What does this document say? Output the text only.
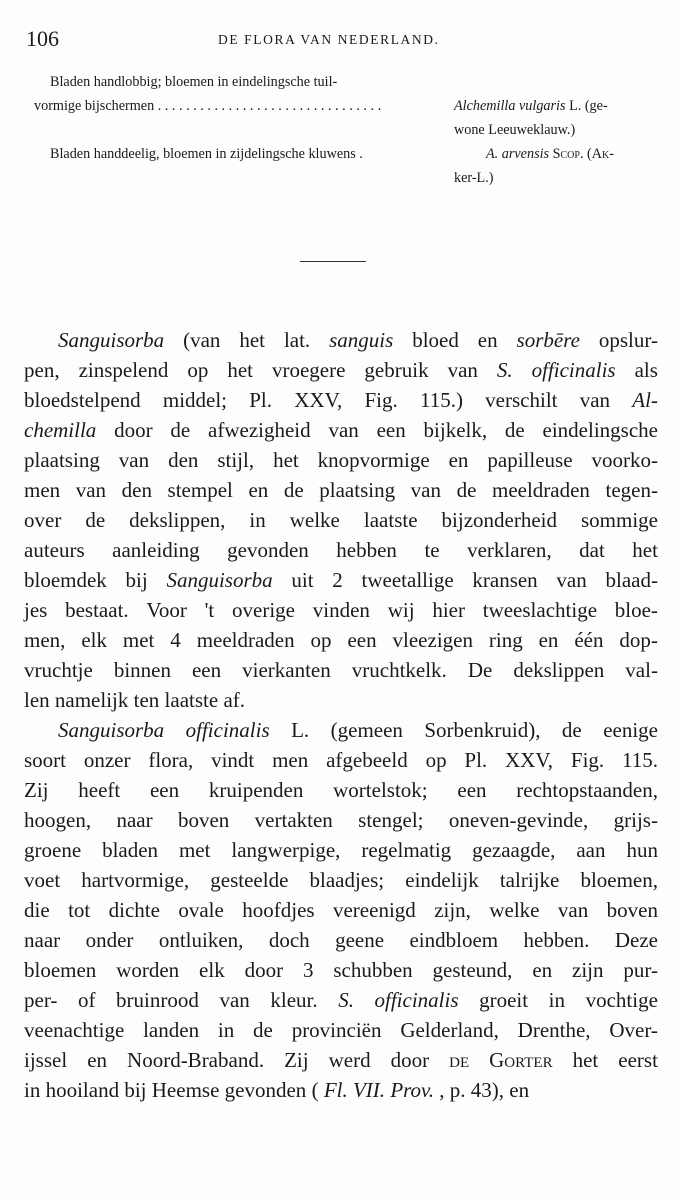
106	DE FLORA VAN NEDERLAND.
Bladen handlobbig; bloemen in eindelingsche tuil-
vormige bijschermen . . . . . . . . . . . . . . . . . . . . . . . . . . . . . . . .	Alchemilla vulgaris L. (ge-
wone Leeuweklauw.)
Bladen handdeelig, bloemen in zijdelingsche kluwens .	A. arvensis Scop. (Ak-
ker-L.)
Sanguisorba (van het lat. sanguis bloed en sorbēre opslur-
pen, zinspelend op het vroegere gebruik van S. officinalis als
bloedstelpend middel; Pl. XXV, Fig. 115.) verschilt van Al-
chemilla door de afwezigheid van een bijkelk, de eindelingsche
plaatsing van den stijl, het knopvormige en papilleuse voorko-
men van den stempel en de plaatsing van de meeldraden tegen-
over de dekslippen, in welke laatste bijzonderheid sommige
auteurs aanleiding gevonden hebben te verklaren, dat het
bloemdek bij Sanguisorba uit 2 tweetallige kransen van blaad-
jes bestaat. Voor 't overige vinden wij hier tweeslachtige bloe-
men, elk met 4 meeldraden op een vleezigen ring en één dop-
vruchtje binnen een vierkanten vruchtkelk. De dekslippen val-
len
namelijk
ten
laatste
af.
Sanguisorba officinalis L. (gemeen Sorbenkruid), de eenige
soort onzer flora, vindt men afgebeeld op Pl. XXV, Fig. 115.
Zij heeft een kruipenden wortelstok; een rechtopstaanden,
hoogen, naar boven vertakten stengel; oneven-gevinde, grijs-
groene bladen met langwerpige, regelmatig gezaagde, aan hun
voet hartvormige, gesteelde blaadjes; eindelijk talrijke bloemen,
die tot dichte ovale hoofdjes vereenigd zijn, welke van boven
naar onder ontluiken, doch geene eindbloem hebben. Deze
bloemen worden elk door 3 schubben gesteund, en zijn pur-
per- of bruinrood van kleur. S. officinalis groeit in vochtige
veenachtige landen in de provinciën Gelderland, Drenthe, Over-
ijssel en Noord-Braband. Zij werd door de Gorter het eerst
in
hooiland
bij
Heemse
gevonden
(
Fl.
VII.
Prov.
,
p.
43),
en
